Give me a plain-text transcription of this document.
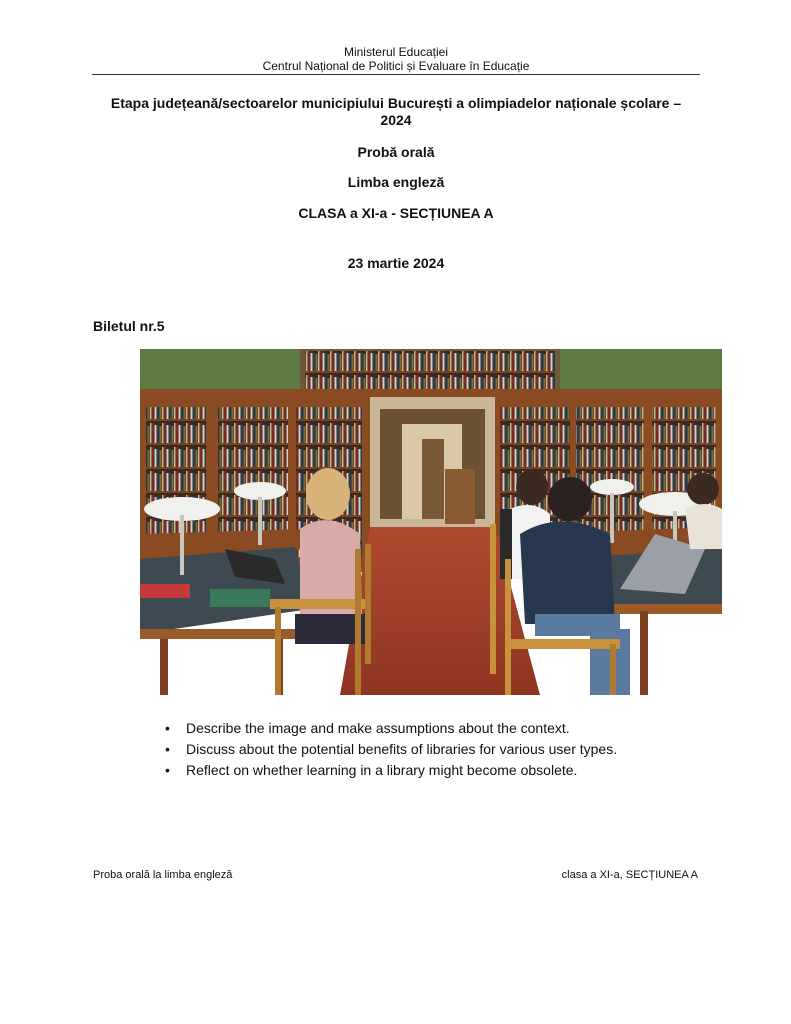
Ministerul Educației
Centrul Național de Politici și Evaluare în Educație
Etapa județeană/sectoarelor municipiului București a olimpiadelor naționale școlare –
2024
Probă orală
Limba engleză
CLASA a XI-a - SECȚIUNEA A
23 martie 2024
Biletul nr.5
• Describe the image and make assumptions about the context.
• Discuss about the potential benefits of libraries for various user types.
• Reflect on whether learning in a library might become obsolete.
Proba orală la limba engleză	clasa a XI-a, SECȚIUNEA A
